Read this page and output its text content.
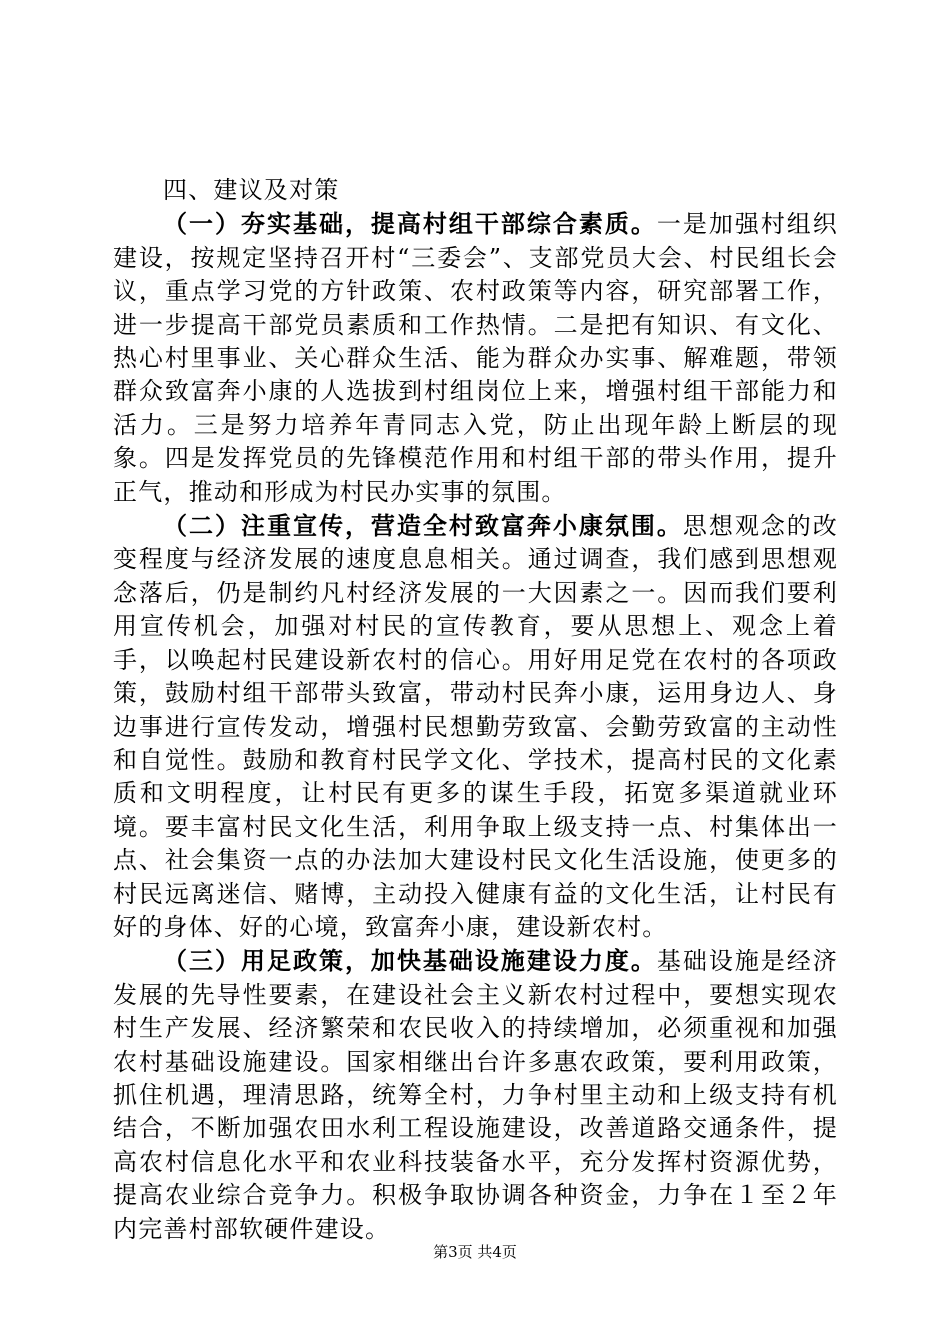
四、建议及对策

（一）夯实基础，提高村组干部综合素质。一是加强村组织建设，按规定坚持召开村“三委会”、支部党员大会、村民组长会议，重点学习党的方针政策、农村政策等内容，研究部署工作，进一步提高干部党员素质和工作热情。二是把有知识、有文化、热心村里事业、关心群众生活、能为群众办实事、解难题，带领群众致富奔小康的人选拔到村组岗位上来，增强村组干部能力和活力。三是努力培养年青同志入党，防止出现年龄上断层的现象。四是发挥党员的先锋模范作用和村组干部的带头作用，提升正气，推动和形成为村民办实事的氛围。

（二）注重宣传，营造全村致富奔小康氛围。思想观念的改变程度与经济发展的速度息息相关。通过调查，我们感到思想观念落后，仍是制约凡村经济发展的一大因素之一。因而我们要利用宣传机会，加强对村民的宣传教育，要从思想上、观念上着手，以唤起村民建设新农村的信心。用好用足党在农村的各项政策，鼓励村组干部带头致富，带动村民奔小康，运用身边人、身边事进行宣传发动，增强村民想勤劳致富、会勤劳致富的主动性和自觉性。鼓励和教育村民学文化、学技术，提高村民的文化素质和文明程度，让村民有更多的谋生手段，拓宽多渠道就业环境。要丰富村民文化生活，利用争取上级支持一点、村集体出一点、社会集资一点的办法加大建设村民文化生活设施，使更多的村民远离迷信、赌博，主动投入健康有益的文化生活，让村民有好的身体、好的心境，致富奔小康，建设新农村。

（三）用足政策，加快基础设施建设力度。基础设施是经济发展的先导性要素，在建设社会主义新农村过程中，要想实现农村生产发展、经济繁荣和农民收入的持续增加，必须重视和加强农村基础设施建设。国家相继出台许多惠农政策，要利用政策，抓住机遇，理清思路，统筹全村，力争村里主动和上级支持有机结合，不断加强农田水利工程设施建设，改善道路交通条件，提高农村信息化水平和农业科技装备水平，充分发挥村资源优势，提高农业综合竞争力。积极争取协调各种资金，力争在１至２年内完善村部软硬件建设。

第3页 共4页
